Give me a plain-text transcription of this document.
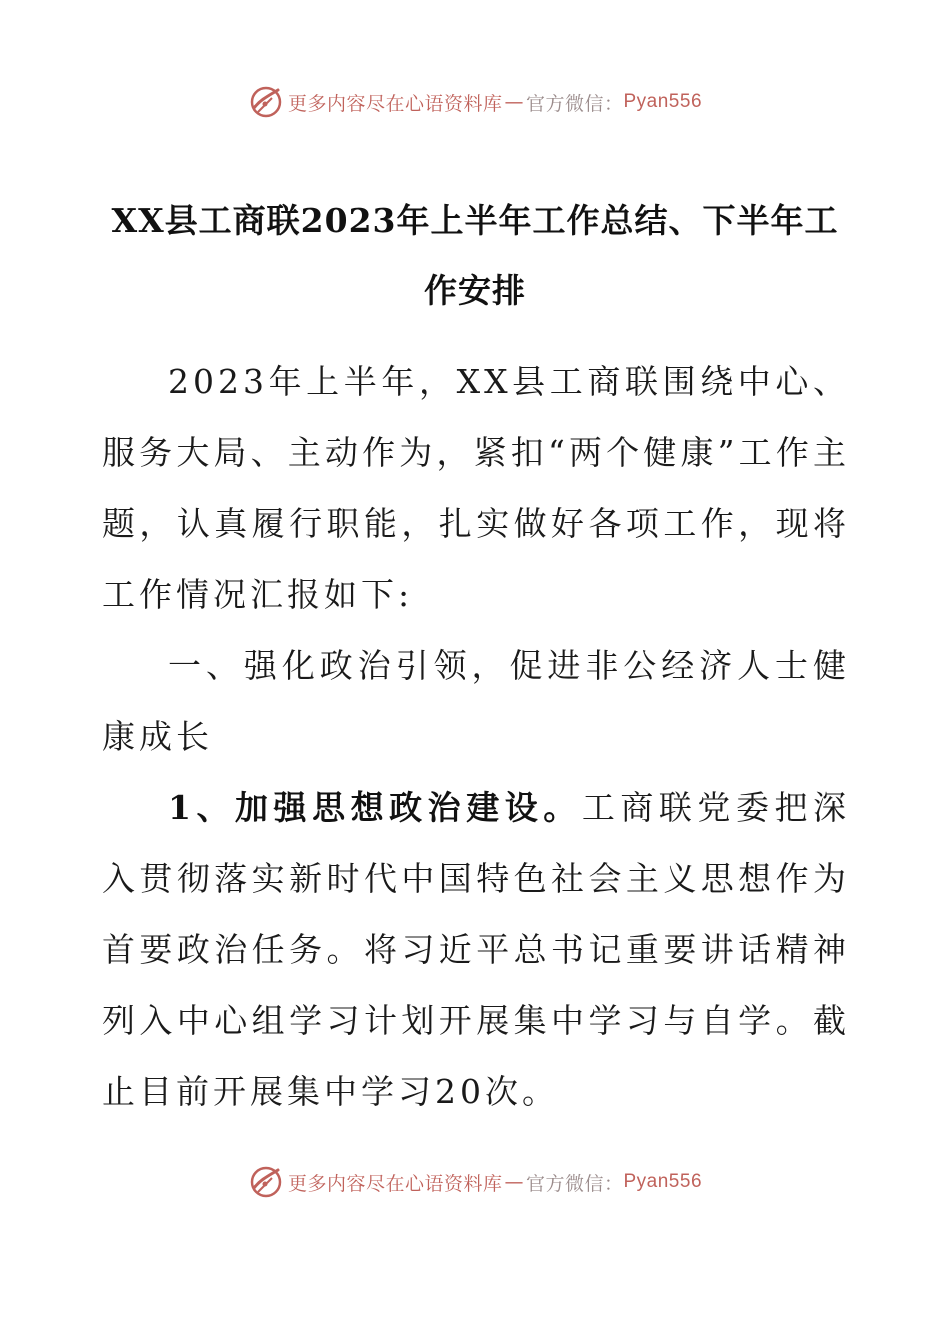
更多内容尽在心语资料库 — 官方微信： Pyan556
XX县工商联2023年上半年工作总结、下半年工作安排

2023年上半年，XX县工商联围绕中心、服务大局、主动作为，紧扣“两个健康”工作主题，认真履行职能，扎实做好各项工作，现将工作情况汇报如下:

一、强化政治引领，促进非公经济人士健康成长

1、加强思想政治建设。工商联党委把深入贯彻落实新时代中国特色社会主义思想作为首要政治任务。将习近平总书记重要讲话精神列入中心组学习计划开展集中学习与自学。截止目前开展集中学习20次。

更多内容尽在心语资料库 — 官方微信： Pyan556
